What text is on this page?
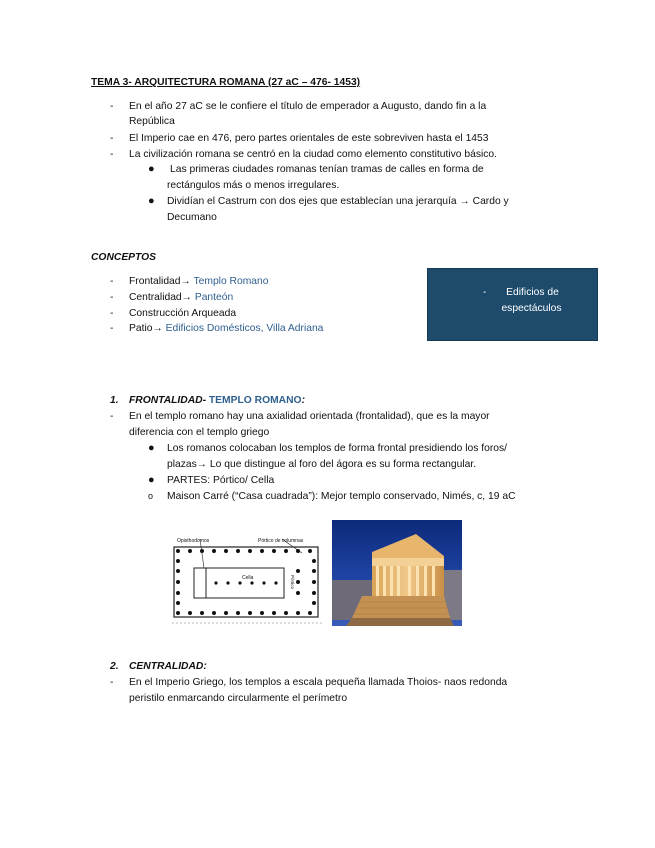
TEMA 3- ARQUITECTURA ROMANA (27 aC – 476- 1453)
- En el año 27 aC se le confiere el título de emperador a Augusto, dando fin a la
República
- El Imperio cae en 476, pero partes orientales de este sobreviven hasta el 1453
- La civilización romana se centró en la ciudad como elemento constitutivo básico.
● Las primeras ciudades romanas tenían tramas de calles en forma de
rectángulos más o menos irregulares.
● Dividían el Castrum con dos ejes que establecían una jerarquía → Cardo y
Decumano
CONCEPTOS
- Frontalidad→ Templo Romano
- Centralidad→ Panteón
- Construcción Arqueada
- Patio→ Edificios Domésticos, Villa Adriana
-	Edificios de
espectáculos
1. FRONTALIDAD- TEMPLO ROMANO:
- En el templo romano hay una axialidad orientada (frontalidad), que es la mayor
diferencia con el templo griego
● Los romanos colocaban los templos de forma frontal presidiendo los foros/
plazas→ Lo que distingue al foro del ágora es su forma rectangular.
● PARTES: Pórtico/ Cella
o Maison Carré (“Casa cuadrada”): Mejor templo conservado, Nimés, c, 19 aC
Opisthodomos	Pórtico de columnas
Cella	Pórtico
2. CENTRALIDAD:
- En el Imperio Griego, los templos a escala pequeña llamada Thoios- naos redonda
peristilo enmarcando circularmente el perímetro
